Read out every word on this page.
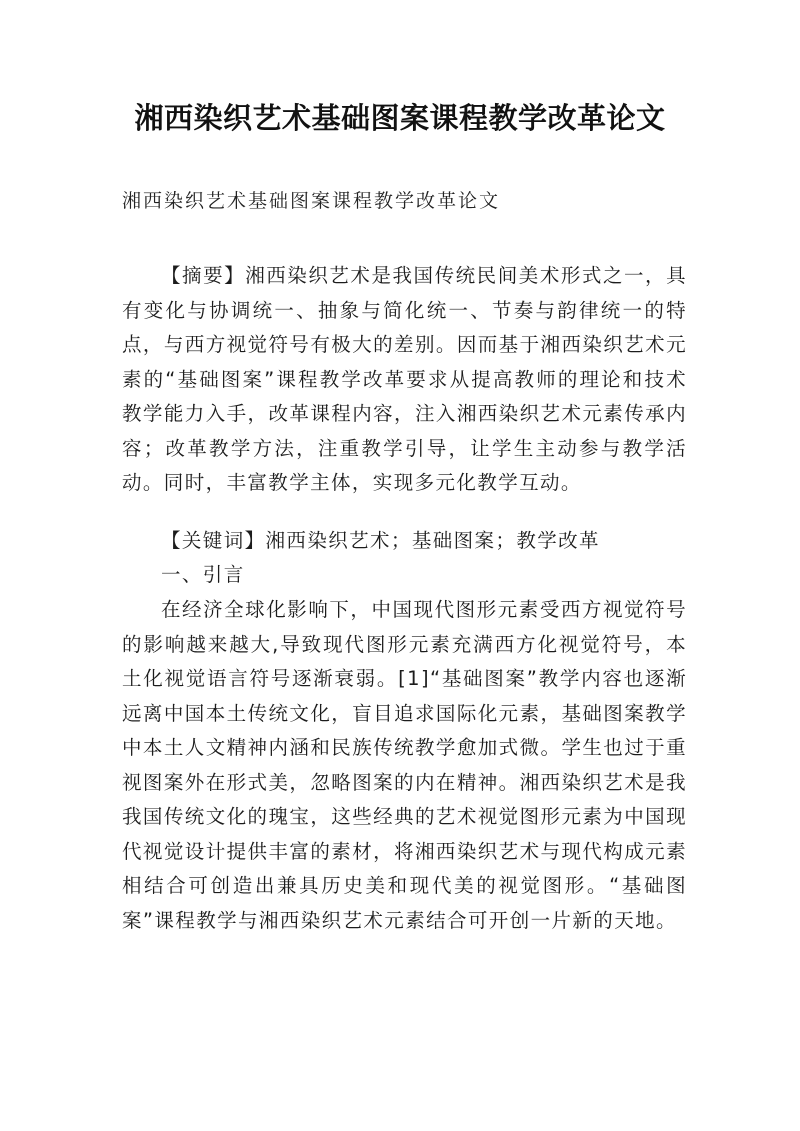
湘西染织艺术基础图案课程教学改革论文

湘西染织艺术基础图案课程教学改革论文

【摘要】湘西染织艺术是我国传统民间美术形式之一，具有变化与协调统一、抽象与简化统一、节奏与韵律统一的特点，与西方视觉符号有极大的差别。因而基于湘西染织艺术元素的“基础图案”课程教学改革要求从提高教师的理论和技术教学能力入手，改革课程内容，注入湘西染织艺术元素传承内容；改革教学方法，注重教学引导，让学生主动参与教学活动。同时，丰富教学主体，实现多元化教学互动。

【关键词】湘西染织艺术；基础图案；教学改革

一、引言

在经济全球化影响下，中国现代图形元素受西方视觉符号的影响越来越大,导致现代图形元素充满西方化视觉符号，本土化视觉语言符号逐渐衰弱。[1]“基础图案”教学内容也逐渐远离中国本土传统文化，盲目追求国际化元素，基础图案教学中本土人文精神内涵和民族传统教学愈加式微。学生也过于重视图案外在形式美，忽略图案的内在精神。湘西染织艺术是我我国传统文化的瑰宝，这些经典的艺术视觉图形元素为中国现代视觉设计提供丰富的素材，将湘西染织艺术与现代构成元素相结合可创造出兼具历史美和现代美的视觉图形。“基础图案”课程教学与湘西染织艺术元素结合可开创一片新的天地。
